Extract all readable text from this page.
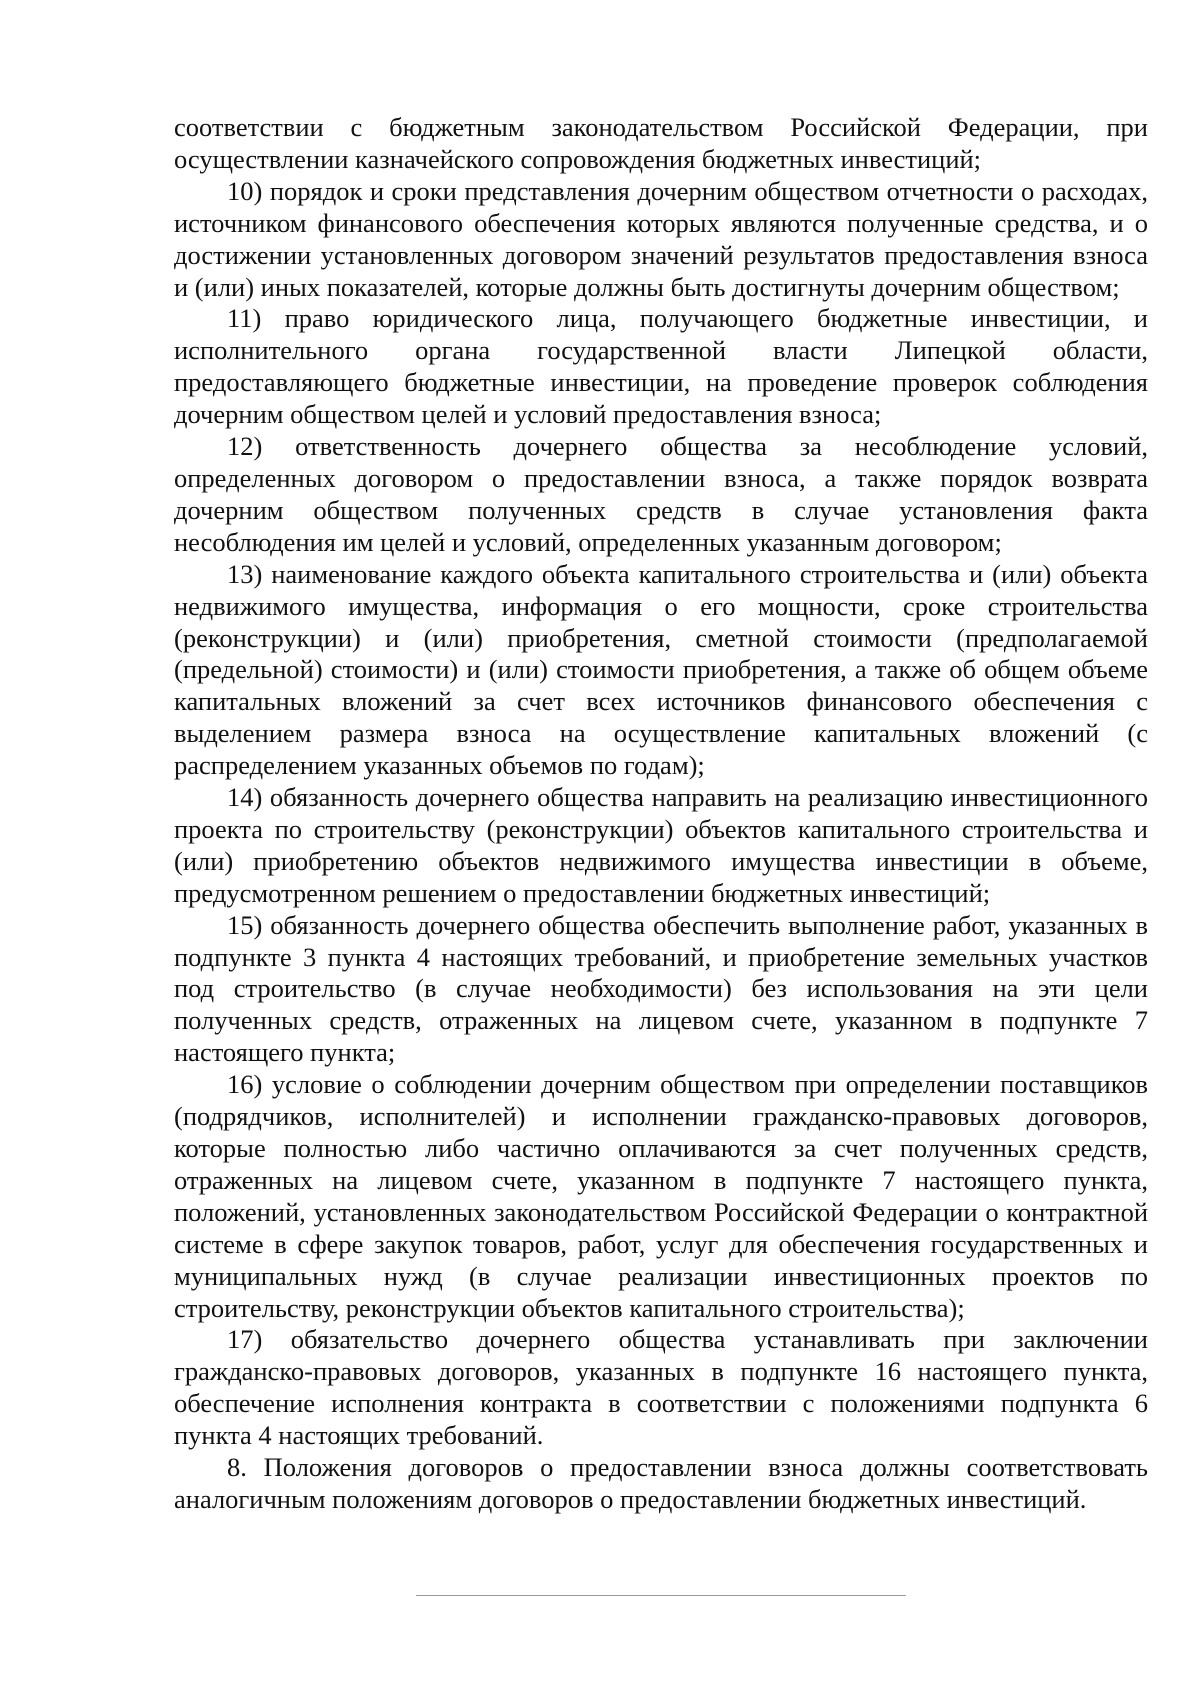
соответствии с бюджетным законодательством Российской Федерации, при осуществлении казначейского сопровождения бюджетных инвестиций;

10) порядок и сроки представления дочерним обществом отчетности о расходах, источником финансового обеспечения которых являются полученные средства, и о достижении установленных договором значений результатов предоставления взноса и (или) иных показателей, которые должны быть достигнуты дочерним обществом;

11) право юридического лица, получающего бюджетные инвестиции, и исполнительного органа государственной власти Липецкой области, предоставляющего бюджетные инвестиции, на проведение проверок соблюдения дочерним обществом целей и условий предоставления взноса;

12) ответственность дочернего общества за несоблюдение условий, определенных договором о предоставлении взноса, а также порядок возврата дочерним обществом полученных средств в случае установления факта несоблюдения им целей и условий, определенных указанным договором;

13) наименование каждого объекта капитального строительства и (или) объекта недвижимого имущества, информация о его мощности, сроке строительства (реконструкции) и (или) приобретения, сметной стоимости (предполагаемой (предельной) стоимости) и (или) стоимости приобретения, а также об общем объеме капитальных вложений за счет всех источников финансового обеспечения с выделением размера взноса на осуществление капитальных вложений (с распределением указанных объемов по годам);

14) обязанность дочернего общества направить на реализацию инвестиционного проекта по строительству (реконструкции) объектов капитального строительства и (или) приобретению объектов недвижимого имущества инвестиции в объеме, предусмотренном решением о предоставлении бюджетных инвестиций;

15) обязанность дочернего общества обеспечить выполнение работ, указанных в подпункте 3 пункта 4 настоящих требований, и приобретение земельных участков под строительство (в случае необходимости) без использования на эти цели полученных средств, отраженных на лицевом счете, указанном в подпункте 7 настоящего пункта;

16) условие о соблюдении дочерним обществом при определении поставщиков (подрядчиков, исполнителей) и исполнении гражданско-правовых договоров, которые полностью либо частично оплачиваются за счет полученных средств, отраженных на лицевом счете, указанном в подпункте 7 настоящего пункта, положений, установленных законодательством Российской Федерации о контрактной системе в сфере закупок товаров, работ, услуг для обеспечения государственных и муниципальных нужд (в случае реализации инвестиционных проектов по строительству, реконструкции объектов капитального строительства);

17) обязательство дочернего общества устанавливать при заключении гражданско-правовых договоров, указанных в подпункте 16 настоящего пункта, обеспечение исполнения контракта в соответствии с положениями подпункта 6 пункта 4 настоящих требований.

8. Положения договоров о предоставлении взноса должны соответствовать аналогичным положениям договоров о предоставлении бюджетных инвестиций.
